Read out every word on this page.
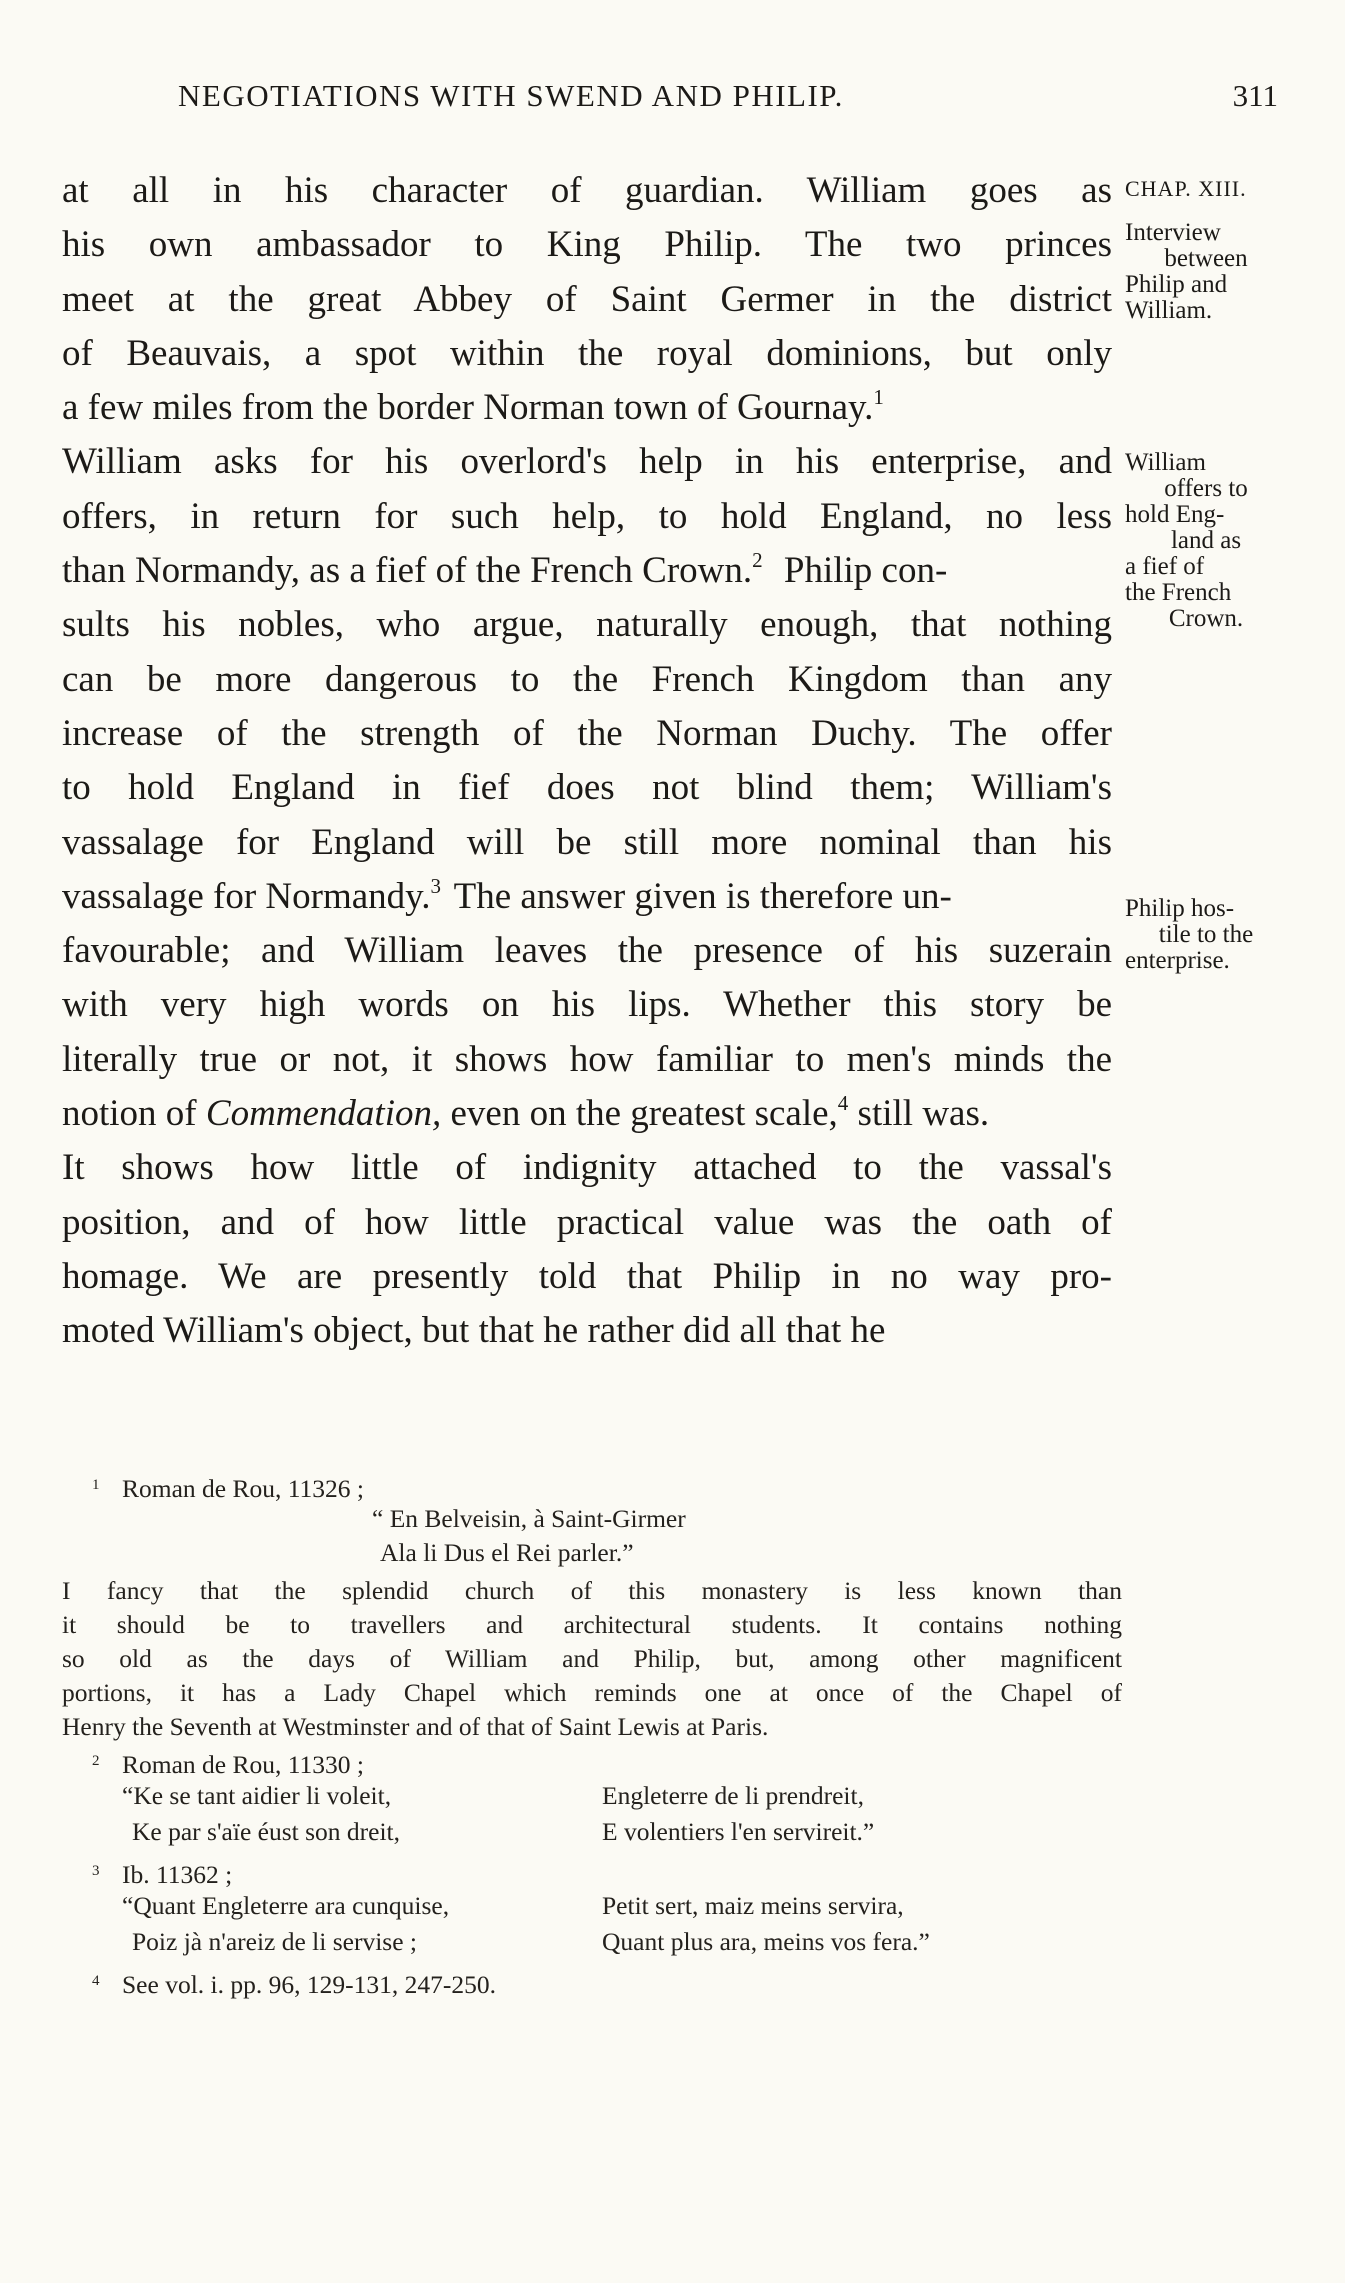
NEGOTIATIONS WITH SWEND AND PHILIP.	311
at all in his character of guardian. William goes as
his own ambassador to King Philip. The two princes
meet at the great Abbey of Saint Germer in the district
of Beauvais, a spot within the royal dominions, but only
a few miles from the border Norman town of Gournay.$^1$
William asks for his overlord's help in his enterprise, and
offers, in return for such help, to hold England, no less
than Normandy, as a fief of the French Crown.$^2$ Philip con-
sults his nobles, who argue, naturally enough, that nothing
can be more dangerous to the French Kingdom than any
increase of the strength of the Norman Duchy. The offer
to hold England in fief does not blind them; William's
vassalage for England will be still more nominal than his
vassalage for Normandy.$^3$ The answer given is therefore un-
favourable; and William leaves the presence of his suzerain
with very high words on his lips. Whether this story be
literally true or not, it shows how familiar to men's minds the
notion of Commendation, even on the greatest scale,$^4$ still was.
It shows how little of indignity attached to the vassal's
position, and of how little practical value was the oath of
homage. We are presently told that Philip in no way pro-
moted William's object, but that he rather did all that he
CHAP. XIII.
Interview
between
Philip and
William.
William
offers to
hold Eng-
land as
a fief of
the French
Crown.
Philip hos-
tile to the
enterprise.
1 Roman de Rou, 11326 ;
“ En Belveisin, à Saint-Girmer
Ala li Dus el Rei parler.”
I fancy that the splendid church of this monastery is less known than
it should be to travellers and architectural students. It contains nothing
so old as the days of William and Philip, but, among other magnificent
portions, it has a Lady Chapel which reminds one at once of the Chapel of
Henry the Seventh at Westminster and of that of Saint Lewis at Paris.
2 Roman de Rou, 11330 ;
“Ke se tant aidier li voleit,	Engleterre de li prendreit,
Ke par s'aïe éust son dreit,	E volentiers l'en servireit.”
3 Ib. 11362 ;
“Quant Engleterre ara cunquise,	Petit sert, maiz meins servira,
Poiz jà n'areiz de li servise ;	Quant plus ara, meins vos fera.”
4 See vol. i. pp. 96, 129-131, 247-250.
